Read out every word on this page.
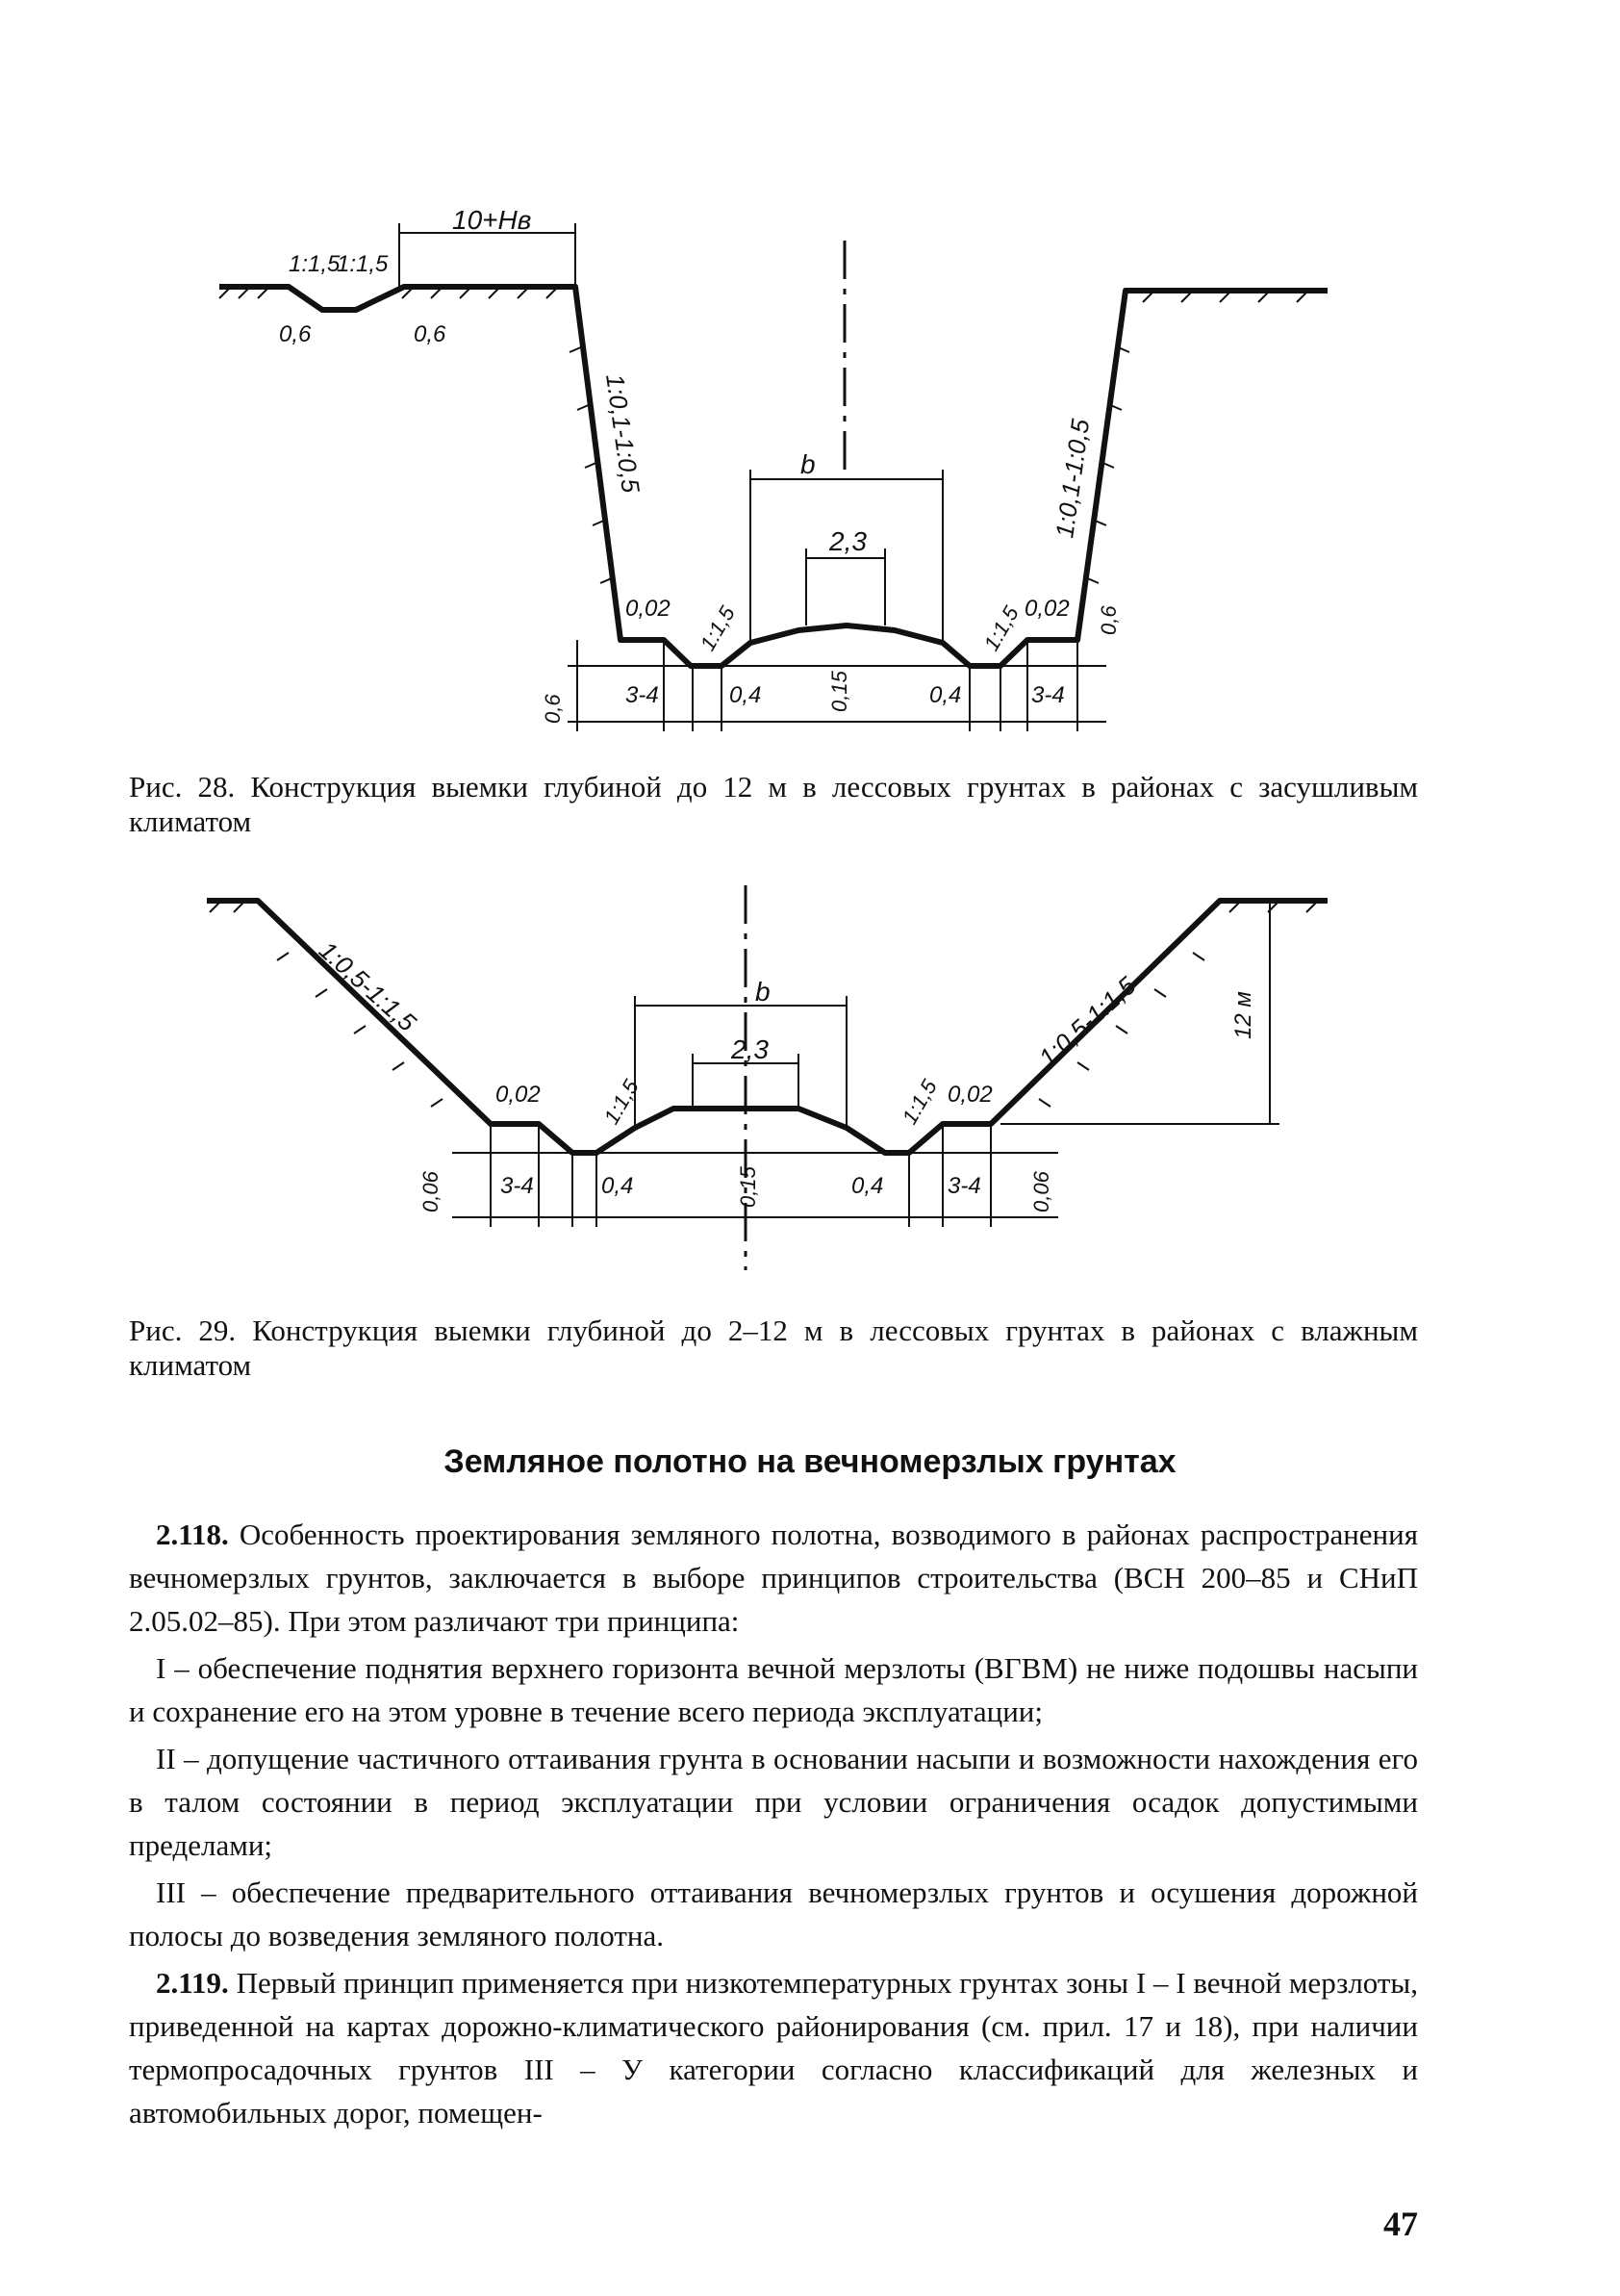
10+Hв
1:1,5
1:1,5
0,6	0,6
1:0,1-1:0,5	1:0,1-1:0,5
b
2,3
0,02	0,02
1:1,5	1:1,5
0,6
0,6
3-4	3-4
0,4	0,4
0,15
Рис. 28. Конструкция выемки глубиной до 12 м в лессовых грунтах в районах с засушливым климатом
1:0,5-1:1,5	1:0,5-1:1,5
b
2,3
12 м
0,02	0,02
1:1,5	1:1,5
0,06	0,06
3-4	3-4
0,4	0,4
0,15
Рис. 29. Конструкция выемки глубиной до 2–12 м в лессовых грунтах в районах с влажным климатом
Земляное полотно на вечномерзлых грунтах

2.118. Особенность проектирования земляного полотна, возводимого в районах распространения вечномерзлых грунтов, заключается в выборе принципов строительства (ВСН 200–85 и СНиП 2.05.02–85). При этом различают три принципа:

I – обеспечение поднятия верхнего горизонта вечной мерзлоты (ВГВМ) не ниже подошвы насыпи и сохранение его на этом уровне в течение всего периода эксплуатации;

II – допущение частичного оттаивания грунта в основании насыпи и возможности нахождения его в талом состоянии в период эксплуатации при условии ограничения осадок допустимыми пределами;

III – обеспечение предварительного оттаивания вечномерзлых грунтов и осушения дорожной полосы до возведения земляного полотна.

2.119. Первый принцип применяется при низкотемпературных грунтах зоны I – I вечной мерзлоты, приведенной на картах дорожно-климатического районирования (см. прил. 17 и 18), при наличии термопросадочных грунтов III – У категории согласно классификаций для железных и автомобильных дорог, помещен-

47
